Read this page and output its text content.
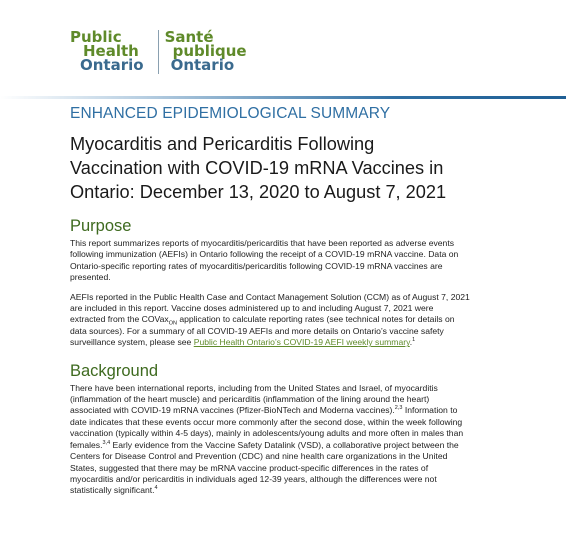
Public
Health
Ontario
Santé
publique
Ontario

ENHANCED EPIDEMIOLOGICAL SUMMARY

Myocarditis and Pericarditis Following
Vaccination with COVID-19 mRNA Vaccines in
Ontario: December 13, 2020 to August 7, 2021
Purpose

This report summarizes reports of myocarditis/pericarditis that have been reported as adverse events
following immunization (AEFIs) in Ontario following the receipt of a COVID-19 mRNA vaccine. Data on
Ontario-specific reporting rates of myocarditis/pericarditis following COVID-19 mRNA vaccines are
presented.

AEFIs reported in the Public Health Case and Contact Management Solution (CCM) as of August 7, 2021
are included in this report. Vaccine doses administered up to and including August 7, 2021 were
extracted from the COVax$_{ON}$ application to calculate reporting rates (see technical notes for details on
data sources). For a summary of all COVID-19 AEFIs and more details on Ontario’s vaccine safety
surveillance system, please see Public Health Ontario’s COVID-19 AEFI weekly summary.$^1$

Background

There have been international reports, including from the United States and Israel, of myocarditis
(inflammation of the heart muscle) and pericarditis (inflammation of the lining around the heart)
associated with COVID-19 mRNA vaccines (Pfizer-BioNTech and Moderna vaccines).$^{2,3}$ Information to
date indicates that these events occur more commonly after the second dose, within the week following
vaccination (typically within 4-5 days), mainly in adolescents/young adults and more often in males than
females.$^{3,4}$ Early evidence from the Vaccine Safety Datalink (VSD), a collaborative project between the
Centers for Disease Control and Prevention (CDC) and nine health care organizations in the United
States, suggested that there may be mRNA vaccine product-specific differences in the rates of
myocarditis and/or pericarditis in individuals aged 12-39 years, although the differences were not
statistically significant.$^4$
